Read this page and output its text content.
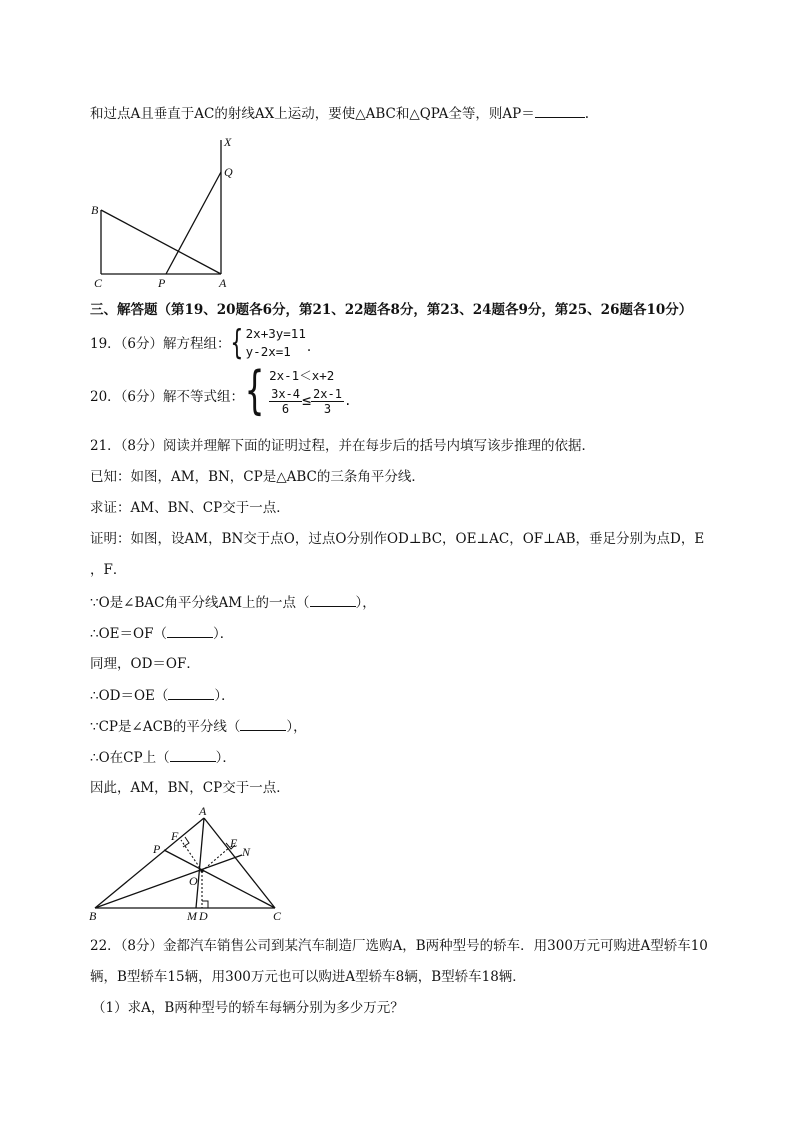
和过点A且垂直于AC的射线AX上运动，要使△ABC和△QPA全等，则AP＝	.
X
Q
B
C	P	A
三、解答题（第19、20题各6分，第21、22题各8分，第23、24题各9分，第25、26题各10分）
19．（6分）解方程组： { 2x+3y=11
y-2x=1	.
20．（6分）解不等式组： { 2x-1＜x+2
$\frac{3x-4}{6} \le \frac{2x-1}{3}$ .
21．（8分）阅读并理解下面的证明过程，并在每步后的括号内填写该步推理的依据．
已知：如图，AM，BN，CP是△ABC的三条角平分线．
求证：AM、BN、CP交于一点．
证明：如图，设AM，BN交于点O，过点O分别作OD⊥BC，OE⊥AC，OF⊥AB，垂足分别为点D，E
，F．
∵O是∠BAC角平分线AM上的一点（	），
∴OE＝OF（	）．
同理，OD＝OF．
∴OD＝OE（	）．
∵CP是∠ACB的平分线（	），
∴O在CP上（	）．
因此，AM，BN，CP交于一点．
A
F	E
N
P
O
B	M D	C
22．（8分）金都汽车销售公司到某汽车制造厂选购A，B两种型号的轿车．用300万元可购进A型轿车10
辆，B型轿车15辆，用300万元也可以购进A型轿车8辆，B型轿车18辆．
（1）求A，B两种型号的轿车每辆分别为多少万元？
